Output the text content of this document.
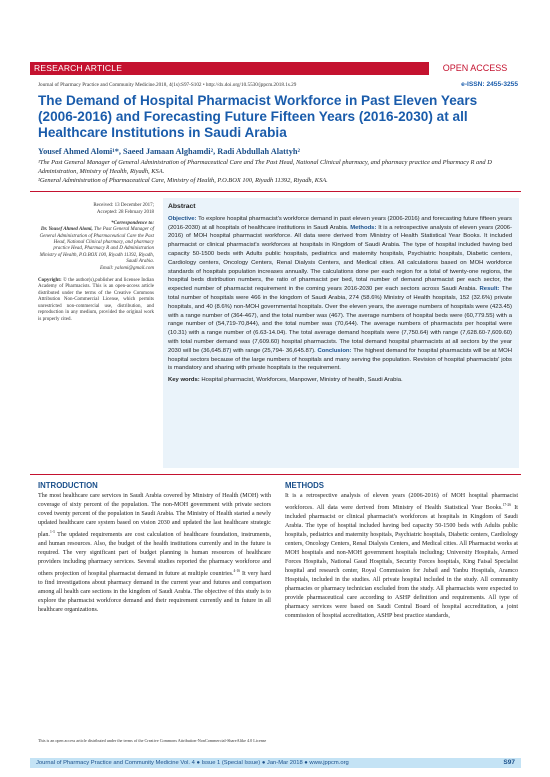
RESEARCH ARTICLE	OPEN ACCESS
Journal of Pharmacy Practice and Community Medicine.2018, 4(1s):S97-S102 • http://dx.doi.org/10.5530/jppcm.2018.1s.29	e-ISSN: 2455-3255
The Demand of Hospital Pharmacist Workforce in Past Eleven Years (2006-2016) and Forecasting Future Fifteen Years (2016-2030) at all Healthcare Institutions in Saudi Arabia
Yousef Ahmed Alomi¹*, Saeed Jamaan Alghamdi², Radi Abdullah Alattyh²

¹The Past General Manager of General Administration of Pharmaceutical Care and The Past Head, National Clinical pharmacy, and pharmacy practice and Pharmacy R and D Administration, Ministry of Health, Riyadh, KSA.

²General Administration of Pharmaceutical Care, Ministry of Health, P.O.BOX 100, Riyadh 11392, Riyadh, KSA.

Received: 13 December 2017;
Accepted: 28 February 2018
*Correspondence to:
Dr. Yousef Ahmed Alomi, The Past General Manager of General Administration of Pharmaceutical Care the Past Head, National Clinical pharmacy, and pharmacy practice Head, Pharmacy R and D Administration Ministry of Health, P.O.BOX 100, Riyadh 11392, Riyadh, Saudi Arabia.
Email: yalomi@gmail.com
Copyright: © the author(s),publisher and licensee Indian Academy of Pharmacists. This is an open-access article distributed under the terms of the Creative Commons Attribution Non-Commercial License, which permits unrestricted non-commercial use, distribution, and reproduction in any medium, provided the original work is properly cited.
Abstract

Objective: To explore hospital pharmacist's workforce demand in past eleven years (2006-2016) and forecasting future fifteen years (2016-2030) at all hospitals of healthcare institutions in Saudi Arabia. Methods: It is a retrospective analysis of eleven years (2006-2016) of MOH hospital pharmacist workforce. All data were derived from Ministry of Health Statistical Year Books. It included pharmacist or clinical pharmacist's workforces at hospitals in Kingdom of Saudi Arabia. The type of hospital included having bed capacity 50-1500 beds with Adults public hospitals, pediatrics and maternity hospitals, Psychiatric hospitals, Diabetic centers, Cardiology centers, Oncology Centers, Renal Dialysis Centers, and Medical cities. All calculations based on MOH workforce standards of hospitals population increases annually. The calculations done per each region for a total of twenty-one regions, the hospital beds distribution numbers, the ratio of pharmacist per bed, total number of demand pharmacist per each sector, the expected number of pharmacist requirement in the coming years 2016-2030 per each sectors across Saudi Arabia. Result: The total number of hospitals were 466 in the kingdom of Saudi Arabia, 274 (58.6%) Ministry of Health hospitals, 152 (32.6%) private hospitals, and 40 (8.6%) non-MOH governmental hospitals. Over the eleven years, the average numbers of hospitals were (423.45) with a range number of (364-467), and the total number was (467). The average numbers of hospital beds were (60,779.55) with a range number of (54,719-70,844), and the total number was (70,644). The average numbers of pharmacists per hospital were (10.31) with a range number of (6.63-14.04). The total average demand hospitals were (7,750.64) with range (7,628.60-7,609.60) with total number demand was (7,609.60) hospital pharmacists. The total demand hospital pharmacists at all sectors by the year 2030 will be (36,645.87) with range (25,794- 36,645.87). Conclusion: The highest demand for hospital pharmacists will be at MOH hospital sectors because of the large numbers of hospitals and many serving the population. Revision of hospital pharmacists' jobs is mandatory and sharing with private hospitals is the requirement.

Key words: Hospital pharmacist, Workforces, Manpower, Ministry of health, Saudi Arabia.

INTRODUCTION

The most healthcare care services in Saudi Arabia covered by Ministry of Health (MOH) with coverage of sixty percent of the population. The non-MOH government with private sectors coved twenty percent of the population in Saudi Arabia. The Ministry of Health started a newly updated healthcare care system based on vision 2030 and updated the last healthcare strategic plan.$^{1-3}$ The updated requirements are cost calculation of healthcare foundation, instruments, and human resources. Also, the budget of the health institutions currently and in the future is required. The very significant part of budget planning is human resources of healthcare providers including pharmacy services. Several studies reported the pharmacy workforce and others projection of hospital pharmacist demand in future at multiple countries.$^{4-16}$ It very hard to find investigations about pharmacy demand in the current year and futures and comparison among all health care sections in the kingdom of Saudi Arabia. The objective of this study is to explore the pharmacist workforce demand and their requirement currently and in future in all healthcare organizations.

METHODS

It is a retrospective analysis of eleven years (2006-2016) of MOH hospital pharmacist workforces. All data were derived from Ministry of Health Statistical Year Books.$^{17-26}$ It included pharmacist or clinical pharmacist's workforces at hospitals in Kingdom of Saudi Arabia. The type of hospital included having bed capacity 50-1500 beds with Adults public hospitals, pediatrics and maternity hospitals, Psychiatric hospitals, Diabetic centers, Cardiology centers, Oncology Centers, Renal Dialysis Centers, and Medical cities. All Pharmacist works at MOH hospitals and non-MOH government hospitals including; University Hospitals, Armed Forces Hospitals, National Gaud Hospitals, Security Forces hospitals, King Faisal Specialist hospital and research center, Royal Commission for Jubail and Yanbu Hospitals, Aramco Hospitals, included in the studies. All private hospital included in the study. All community pharmacies or pharmacy technician excluded from the study. All pharmacists were expected to provide pharmaceutical care according to ASHP definition and requirements. All type of pharmacy services were based on Saudi Central Board of hospital accreditation, a joint commission of hospital accreditation, ASHP best practice standards,

This is an open access article distributed under the terms of the Creative Commons Attribution-NonCommercial-ShareAlike 4.0 License
Journal of Pharmacy Practice and Community Medicine Vol. 4 ● Issue 1 (Special Issue) ● Jan-Mar 2018 ● www.jppcm.org	S97
